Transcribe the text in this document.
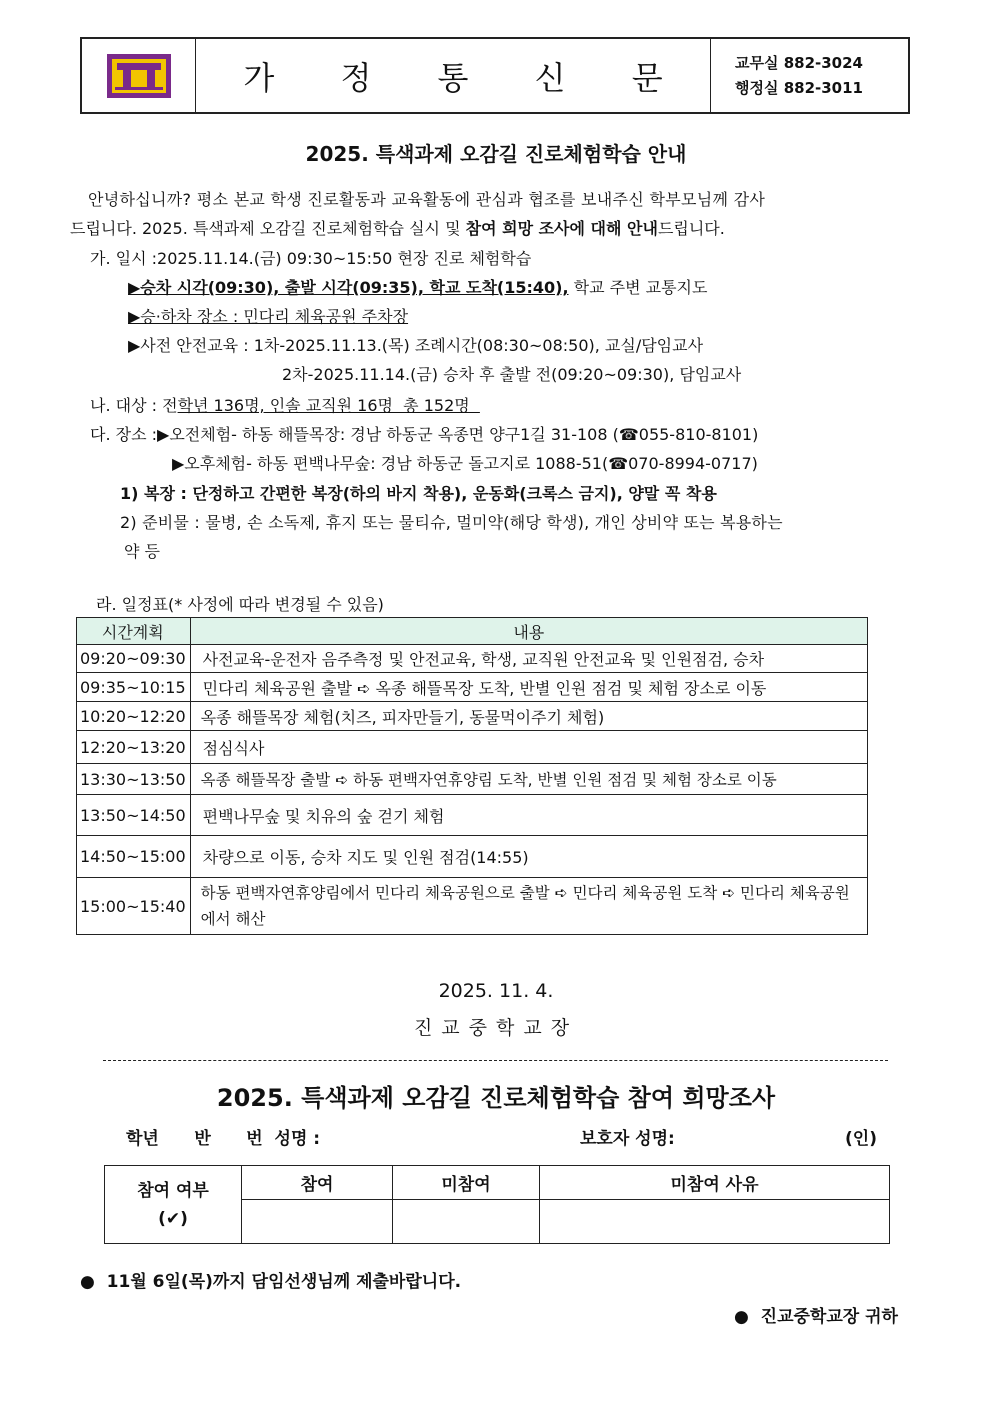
가 정 통 신 문	교무실 882-3024
행정실 882-3011
2025. 특색과제 오감길 진로체험학습 안내
안녕하십니까? 평소 본교 학생 진로활동과 교육활동에 관심과 협조를 보내주신 학부모님께 감사
드립니다. 2025. 특색과제 오감길 진로체험학습 실시 및 참여 희망 조사에 대해 안내드립니다.
가. 일시 :2025.11.14.(금) 09:30~15:50 현장 진로 체험학습
▶승차 시각(09:30), 출발 시각(09:35), 학교 도착(15:40), 학교 주변 교통지도
▶승·하차 장소 : 민다리 체육공원 주차장
▶사전 안전교육 : 1차-2025.11.13.(목) 조례시간(08:30~08:50), 교실/담임교사
2차-2025.11.14.(금) 승차 후 출발 전(09:20~09:30), 담임교사
나. 대상 : 전학년 136명, 인솔 교직원 16명  총 152명
다. 장소 :▶오전체험- 하동 해뜰목장: 경남 하동군 옥종면 양구1길 31-108 (☎055-810-8101)
▶오후체험- 하동 편백나무숲: 경남 하동군 돌고지로 1088-51(☎070-8994-0717)
1) 복장 : 단정하고 간편한 복장(하의 바지 착용), 운동화(크록스 금지), 양말 꼭 착용
2) 준비물 : 물병, 손 소독제, 휴지 또는 물티슈, 멀미약(해당 학생), 개인 상비약 또는 복용하는
약 등
라. 일정표(* 사정에 따라 변경될 수 있음)
시간계획	내용
09:20~09:30	사전교육-운전자 음주측정 및 안전교육, 학생, 교직원 안전교육 및 인원점검, 승차
09:35~10:15	민다리 체육공원 출발 ➪ 옥종 해뜰목장 도착, 반별 인원 점검 및 체험 장소로 이동
10:20~12:20	옥종 해뜰목장 체험(치즈, 피자만들기, 동물먹이주기 체험)
12:20~13:20	점심식사
13:30~13:50	옥종 해뜰목장 출발 ➪ 하동 편백자연휴양림 도착, 반별 인원 점검 및 체험 장소로 이동
13:50~14:50	편백나무숲 및 치유의 숲 걷기 체험
14:50~15:00	차량으로 이동, 승차 지도 및 인원 점검(14:55)
15:00~15:40	하동 편백자연휴양림에서 민다리 체육공원으로 출발 ➪ 민다리 체육공원 도착 ➪ 민다리 체육공원에서 해산
2025. 11. 4.
진교중학교장
2025. 특색과제 오감길 진로체험학습 참여 희망조사
학년      반      번  성명 :	보호자 성명:	(인)
참여 여부
(✔)	참여	미참여	미참여 사유

●  11월 6일(목)까지 담임선생님께 제출바랍니다.
●  진교중학교장 귀하
